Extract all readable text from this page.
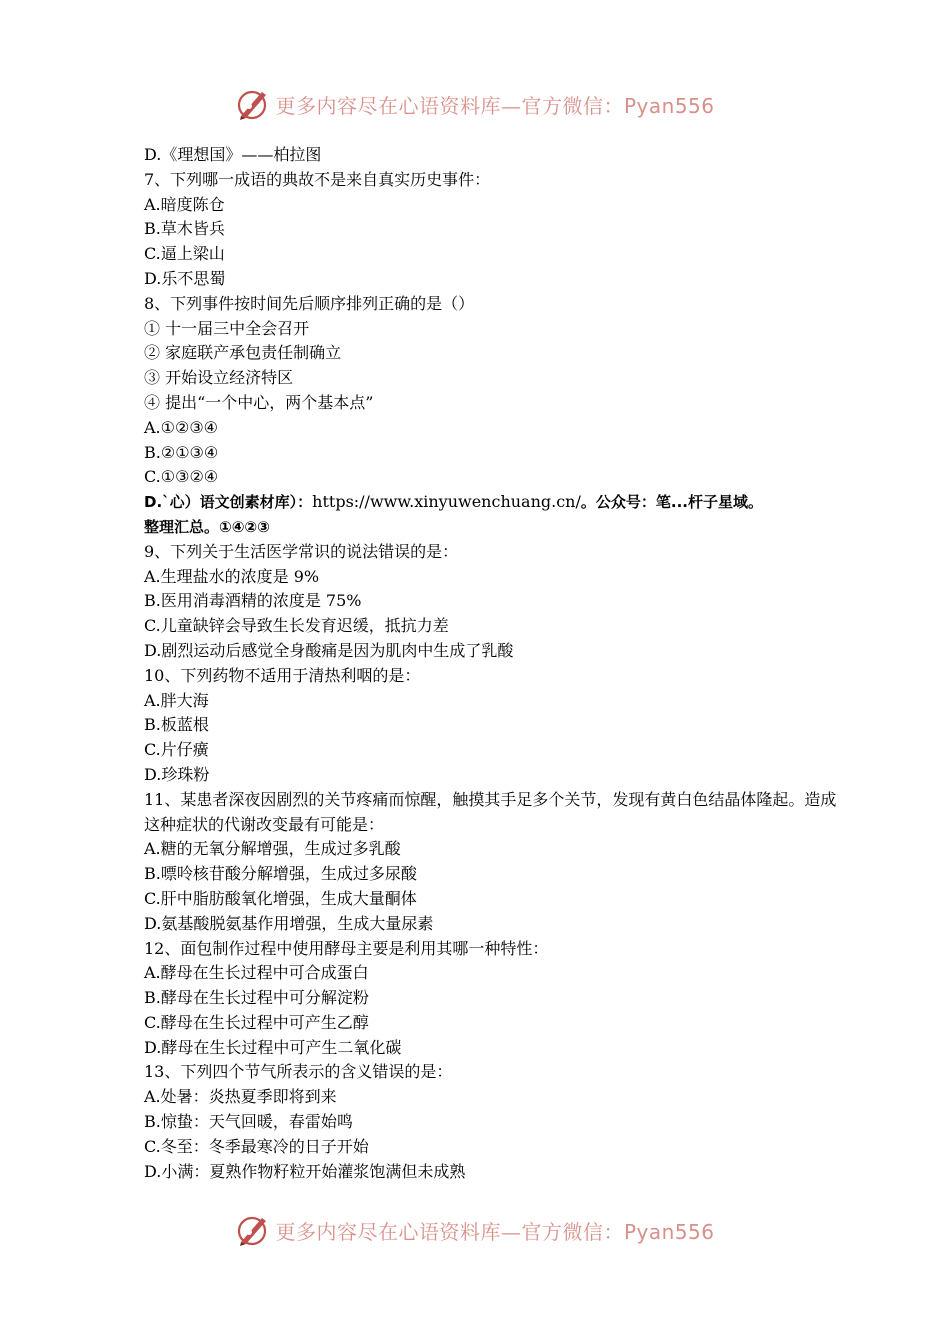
更多内容尽在心语资料库—官方微信：Pyan556
D.《理想国》——柏拉图
7、下列哪一成语的典故不是来自真实历史事件：
A.暗度陈仓
B.草木皆兵
C.逼上梁山
D.乐不思蜀
8、下列事件按时间先后顺序排列正确的是（）
① 十一届三中全会召开
② 家庭联产承包责任制确立
③ 开始设立经济特区
④ 提出“一个中心，两个基本点”
A.①②③④
B.②①③④
C.①③②④
D.`心）语文创素材库）：https://www.xinyuwenchuang.cn/。公众号：笔...杆子星域。
整理汇总。①④②③
9、下列关于生活医学常识的说法错误的是：
A.生理盐水的浓度是 9%
B.医用消毒酒精的浓度是 75%
C.儿童缺锌会导致生长发育迟缓，抵抗力差
D.剧烈运动后感觉全身酸痛是因为肌肉中生成了乳酸
10、下列药物不适用于清热利咽的是：
A.胖大海
B.板蓝根
C.片仔癀
D.珍珠粉
11、某患者深夜因剧烈的关节疼痛而惊醒，触摸其手足多个关节，发现有黄白色结晶体隆起。造成这种症状的代谢改变最有可能是：
A.糖的无氧分解增强，生成过多乳酸
B.嘌呤核苷酸分解增强，生成过多尿酸
C.肝中脂肪酸氧化增强，生成大量酮体
D.氨基酸脱氨基作用增强，生成大量尿素
12、面包制作过程中使用酵母主要是利用其哪一种特性：
A.酵母在生长过程中可合成蛋白
B.酵母在生长过程中可分解淀粉
C.酵母在生长过程中可产生乙醇
D.酵母在生长过程中可产生二氧化碳
13、下列四个节气所表示的含义错误的是：
A.处暑：炎热夏季即将到来
B.惊蛰：天气回暖，春雷始鸣
C.冬至：冬季最寒冷的日子开始
D.小满：夏熟作物籽粒开始灌浆饱满但未成熟
更多内容尽在心语资料库—官方微信：Pyan556
